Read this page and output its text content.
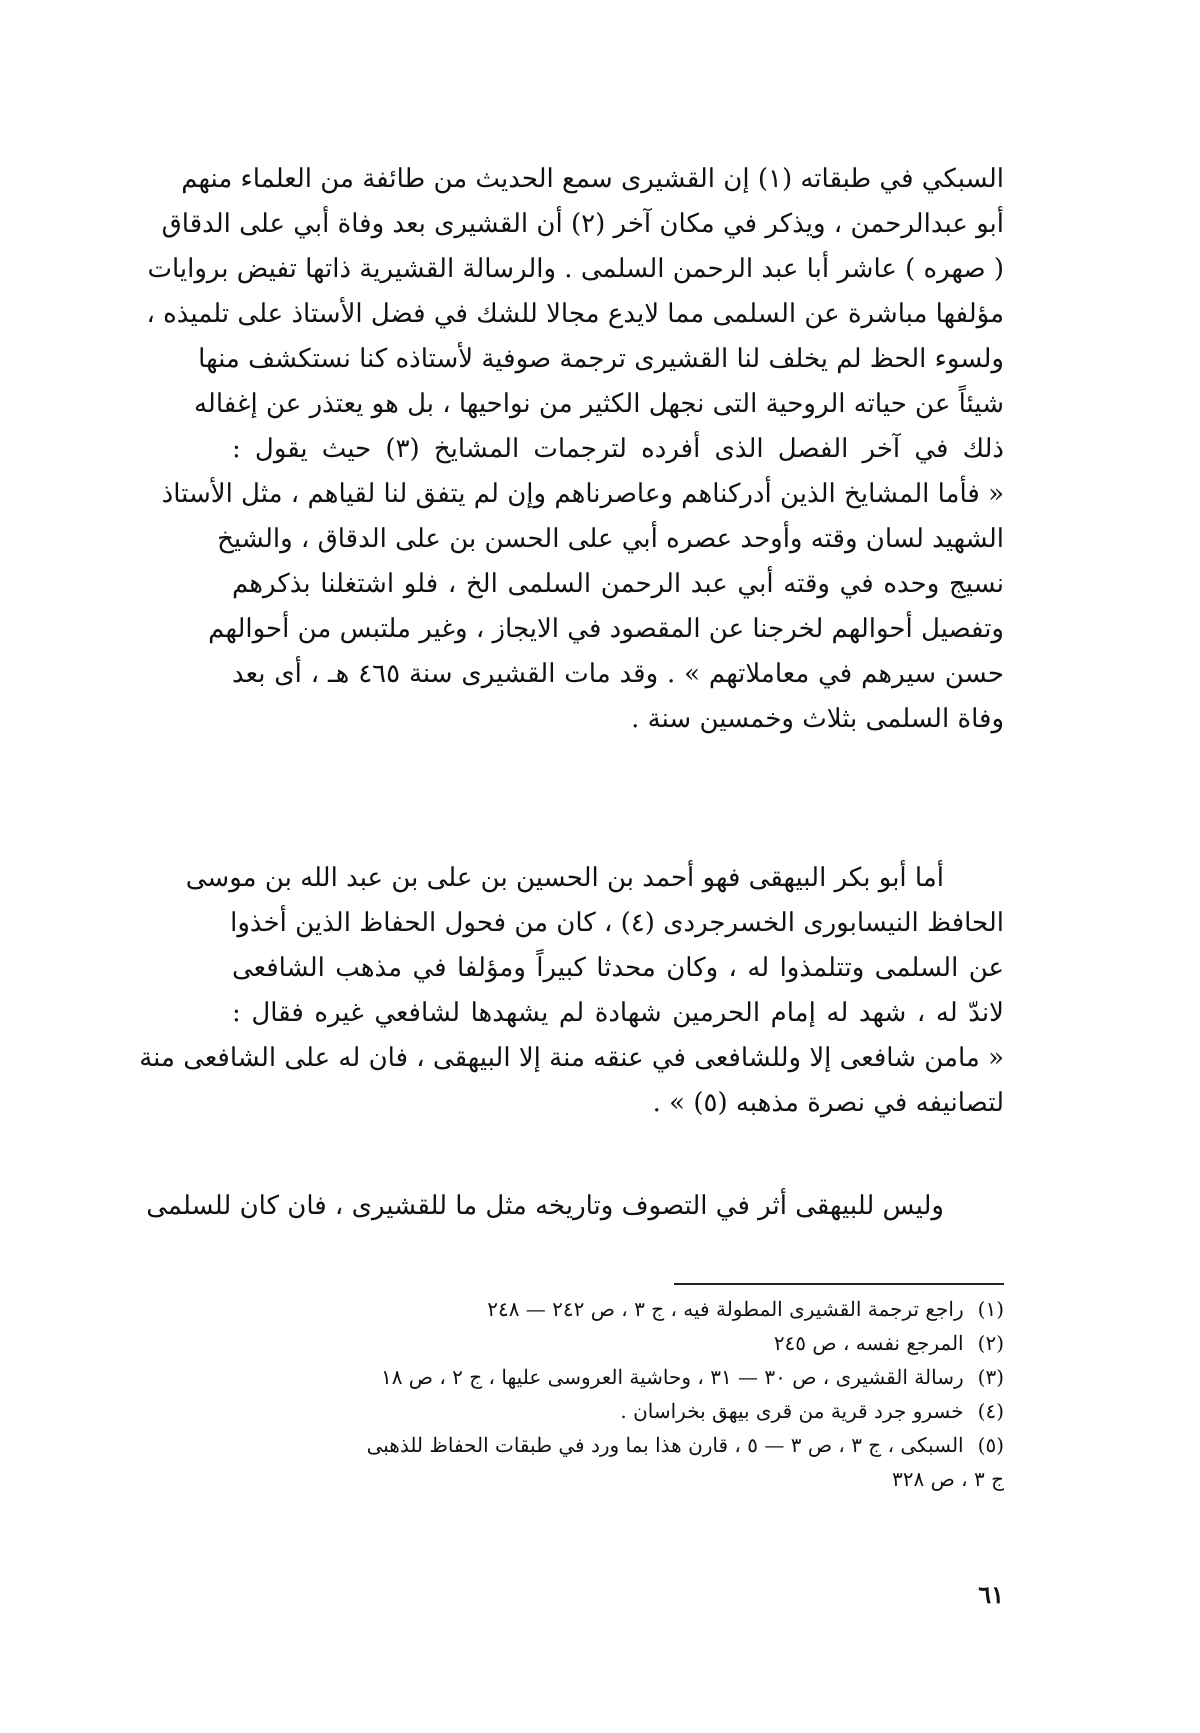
السبكي في طبقاته (١) إن القشيرى سمع الحديث من طائفة من العلماء منهم
أبو عبدالرحمن ، ويذكر في مكان آخر (٢) أن القشيرى بعد وفاة أبي على الدقاق
( صهره ) عاشر أبا عبد الرحمن السلمى . والرسالة القشيرية ذاتها تفيض بروايات
مؤلفها مباشرة عن السلمى مما لايدع مجالا للشك في فضل الأستاذ على تلميذه ،
ولسوء الحظ لم يخلف لنا القشيرى ترجمة صوفية لأستاذه كنا نستكشف منها
شيئاً عن حياته الروحية التى نجهل الكثير من نواحيها ، بل هو يعتذر عن إغفاله
ذلك في آخر الفصل الذى أفرده لترجمات المشايخ (٣) حيث يقول :
« فأما المشايخ الذين أدركناهم وعاصرناهم وإن لم يتفق لنا لقياهم ، مثل الأستاذ
الشهيد لسان وقته وأوحد عصره أبي على الحسن بن على الدقاق ، والشيخ
نسيج وحده في وقته أبي عبد الرحمن السلمى الخ ، فلو اشتغلنا بذكرهم
وتفصيل أحوالهم لخرجنا عن المقصود في الايجاز ، وغير ملتبس من أحوالهم
حسن سيرهم في معاملاتهم » . وقد مات القشيرى سنة ٤٦٥ هـ ، أى بعد
وفاة السلمى بثلاث وخمسين سنة .
أما أبو بكر البيهقى فهو أحمد بن الحسين بن على بن عبد الله بن موسى
الحافظ النيسابورى الخسرجردى (٤) ، كان من فحول الحفاظ الذين أخذوا
عن السلمى وتتلمذوا له ، وكان محدثا كبيراً ومؤلفا في مذهب الشافعى
لاندّ له ، شهد له إمام الحرمين شهادة لم يشهدها لشافعي غيره فقال :
« مامن شافعى إلا وللشافعى في عنقه منة إلا البيهقى ، فان له على الشافعى منة
لتصانيفه في نصرة مذهبه (٥) » .
وليس للبيهقى أثر في التصوف وتاريخه مثل ما للقشيرى ، فان كان للسلمى
(١)راجع ترجمة القشيرى المطولة فيه ، ج ٣ ، ص ٢٤٢ — ٢٤٨
(٢)المرجع نفسه ، ص ٢٤٥
(٣)رسالة القشيرى ، ص ٣٠ — ٣١ ، وحاشية العروسى عليها ، ج ٢ ، ص ١٨
(٤)خسرو جرد قرية من قرى بيهق بخراسان .
(٥)السبكى ، ج ٣ ، ص ٣ — ٥ ، قارن هذا بما ورد في طبقات الحفاظ للذهبى
ج ٣ ، ص ٣٢٨
٦١
